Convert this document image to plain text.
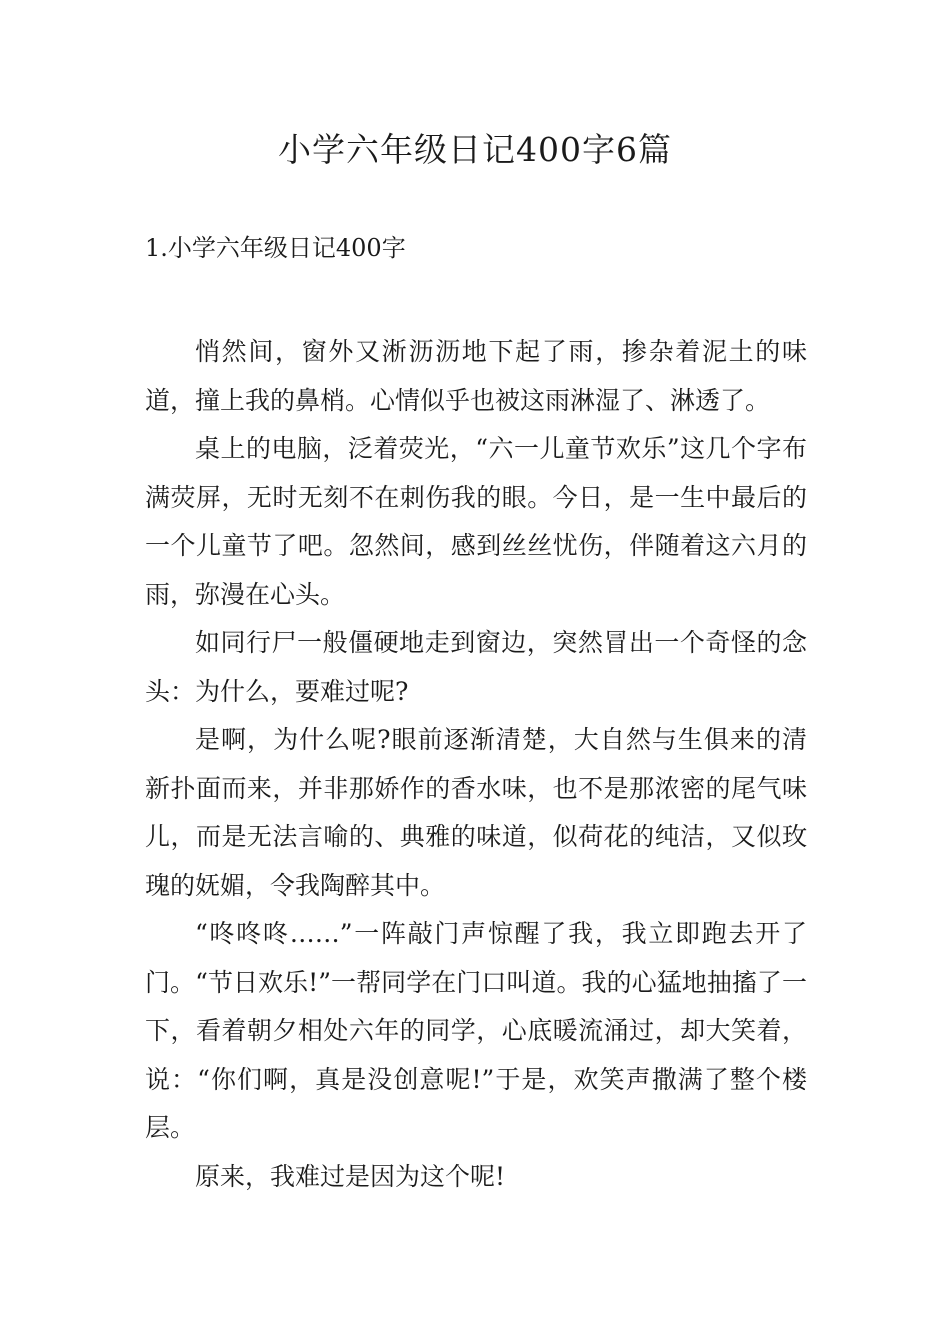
小学六年级日记400字6篇
1.小学六年级日记400字

悄然间，窗外又淅沥沥地下起了雨，掺杂着泥土的味道，撞上我的鼻梢。心情似乎也被这雨淋湿了、淋透了。

桌上的电脑，泛着荧光，“六一儿童节欢乐”这几个字布满荧屏，无时无刻不在刺伤我的眼。今日，是一生中最后的一个儿童节了吧。忽然间，感到丝丝忧伤，伴随着这六月的雨，弥漫在心头。

如同行尸一般僵硬地走到窗边，突然冒出一个奇怪的念头：为什么，要难过呢?

是啊，为什么呢?眼前逐渐清楚，大自然与生俱来的清新扑面而来，并非那娇作的香水味，也不是那浓密的尾气味儿，而是无法言喻的、典雅的味道，似荷花的纯洁，又似玫瑰的妩媚，令我陶醉其中。

“咚咚咚……”一阵敲门声惊醒了我，我立即跑去开了门。“节日欢乐!”一帮同学在门口叫道。我的心猛地抽搐了一下，看着朝夕相处六年的同学，心底暖流涌过，却大笑着，说：“你们啊，真是没创意呢!”于是，欢笑声撒满了整个楼层。

原来，我难过是因为这个呢!
